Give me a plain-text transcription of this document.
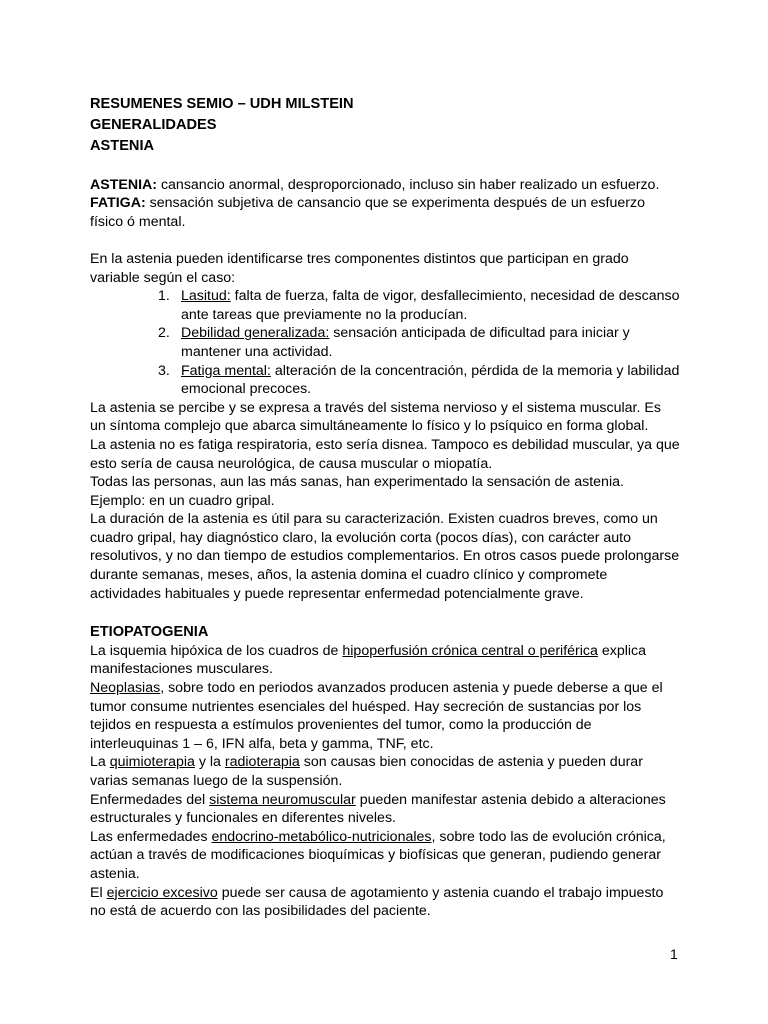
RESUMENES SEMIO – UDH MILSTEIN

GENERALIDADES

ASTENIA

ASTENIA: cansancio anormal, desproporcionado, incluso sin haber realizado un esfuerzo.

FATIGA: sensación subjetiva de cansancio que se experimenta después de un esfuerzo físico ó mental.

En la astenia pueden identificarse tres componentes distintos que participan en grado variable según el caso:

1. Lasitud: falta de fuerza, falta de vigor, desfallecimiento, necesidad de descanso ante tareas que previamente no la producían.
2. Debilidad generalizada: sensación anticipada de dificultad para iniciar y mantener una actividad.
3. Fatiga mental: alteración de la concentración, pérdida de la memoria y labilidad emocional precoces.

La astenia se percibe y se expresa a través del sistema nervioso y el sistema muscular. Es un síntoma complejo que abarca simultáneamente lo físico y lo psíquico en forma global.

La astenia no es fatiga respiratoria, esto sería disnea. Tampoco es debilidad muscular, ya que esto sería de causa neurológica, de causa muscular o miopatía.

Todas las personas, aun las más sanas, han experimentado la sensación de astenia. Ejemplo: en un cuadro gripal.

La duración de la astenia es útil para su caracterización. Existen cuadros breves, como un cuadro gripal, hay diagnóstico claro, la evolución corta (pocos días), con carácter auto resolutivos, y no dan tiempo de estudios complementarios. En otros casos puede prolongarse durante semanas, meses, años, la astenia domina el cuadro clínico y compromete actividades habituales y puede representar enfermedad potencialmente grave.

ETIOPATOGENIA

La isquemia hipóxica de los cuadros de hipoperfusión crónica central o periférica explica manifestaciones musculares.

Neoplasias, sobre todo en periodos avanzados producen astenia y puede deberse a que el tumor consume nutrientes esenciales del huésped. Hay secreción de sustancias por los tejidos en respuesta a estímulos provenientes del tumor, como la producción de interleuquinas 1 – 6, IFN alfa, beta y gamma, TNF, etc.

La quimioterapia y la radioterapia son causas bien conocidas de astenia y pueden durar varias semanas luego de la suspensión.

Enfermedades del sistema neuromuscular pueden manifestar astenia debido a alteraciones estructurales y funcionales en diferentes niveles.

Las enfermedades endocrino-metabólico-nutricionales, sobre todo las de evolución crónica, actúan a través de modificaciones bioquímicas y biofísicas que generan, pudiendo generar astenia.

El ejercicio excesivo puede ser causa de agotamiento y astenia cuando el trabajo impuesto no está de acuerdo con las posibilidades del paciente.

1
